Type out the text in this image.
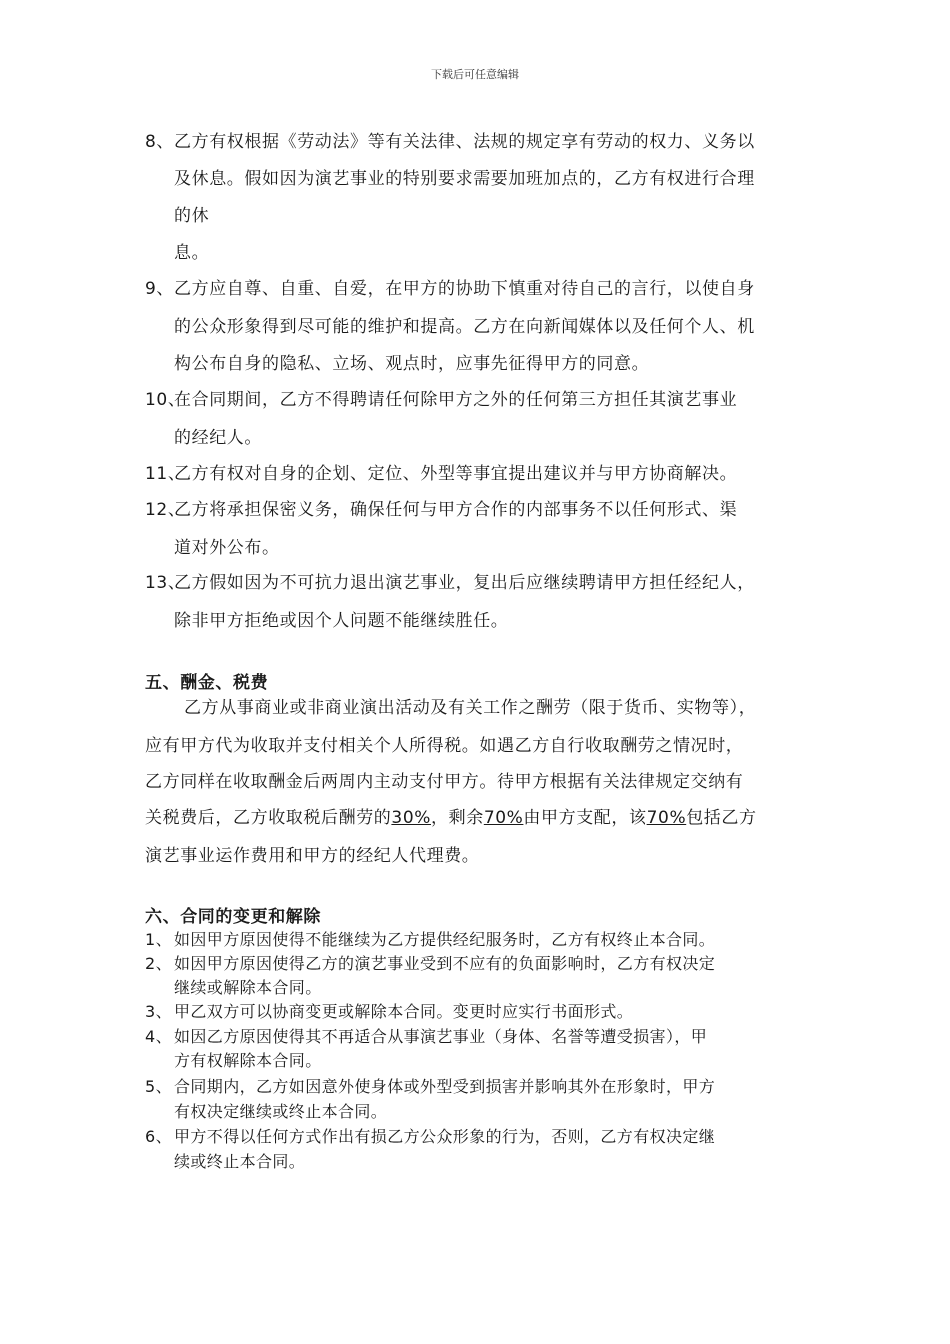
下载后可任意编辑
8、 乙方有权根据《劳动法》等有关法律、法规的规定享有劳动的权力、义务以
及休息。假如因为演艺事业的特别要求需要加班加点的，乙方有权进行合理
的休
息。
9、 乙方应自尊、自重、自爱，在甲方的协助下慎重对待自己的言行，以使自身
的公众形象得到尽可能的维护和提高。乙方在向新闻媒体以及任何个人、机
构公布自身的隐私、立场、观点时，应事先征得甲方的同意。
10、
在合同期间，乙方不得聘请任何除甲方之外的任何第三方担任其演艺事业
的经纪人。
11、
乙方有权对自身的企划、定位、外型等事宜提出建议并与甲方协商解决。
12、
乙方将承担保密义务，确保任何与甲方合作的内部事务不以任何形式、渠
道对外公布。
13、
乙方假如因为不可抗力退出演艺事业，复出后应继续聘请甲方担任经纪人，
除非甲方拒绝或因个人问题不能继续胜任。
五、酬金、税费
乙方从事商业或非商业演出活动及有关工作之酬劳（限于货币、实物等），
应有甲方代为收取并支付相关个人所得税。如遇乙方自行收取酬劳之情况时，
乙方同样在收取酬金后两周内主动支付甲方。待甲方根据有关法律规定交纳有
关税费后，乙方收取税后酬劳的30%，剩余70%由甲方支配，该70%包括乙方
演艺事业运作费用和甲方的经纪人代理费。
六、合同的变更和解除
1、 如因甲方原因使得不能继续为乙方提供经纪服务时，乙方有权终止本合同。
2、 如因甲方原因使得乙方的演艺事业受到不应有的负面影响时，乙方有权决定
继续或解除本合同。
3、 甲乙双方可以协商变更或解除本合同。变更时应实行书面形式。
4、 如因乙方原因使得其不再适合从事演艺事业（身体、名誉等遭受损害），甲
方有权解除本合同。
5、 合同期内，乙方如因意外使身体或外型受到损害并影响其外在形象时，甲方
有权决定继续或终止本合同。
6、 甲方不得以任何方式作出有损乙方公众形象的行为，否则，乙方有权决定继
续或终止本合同。
